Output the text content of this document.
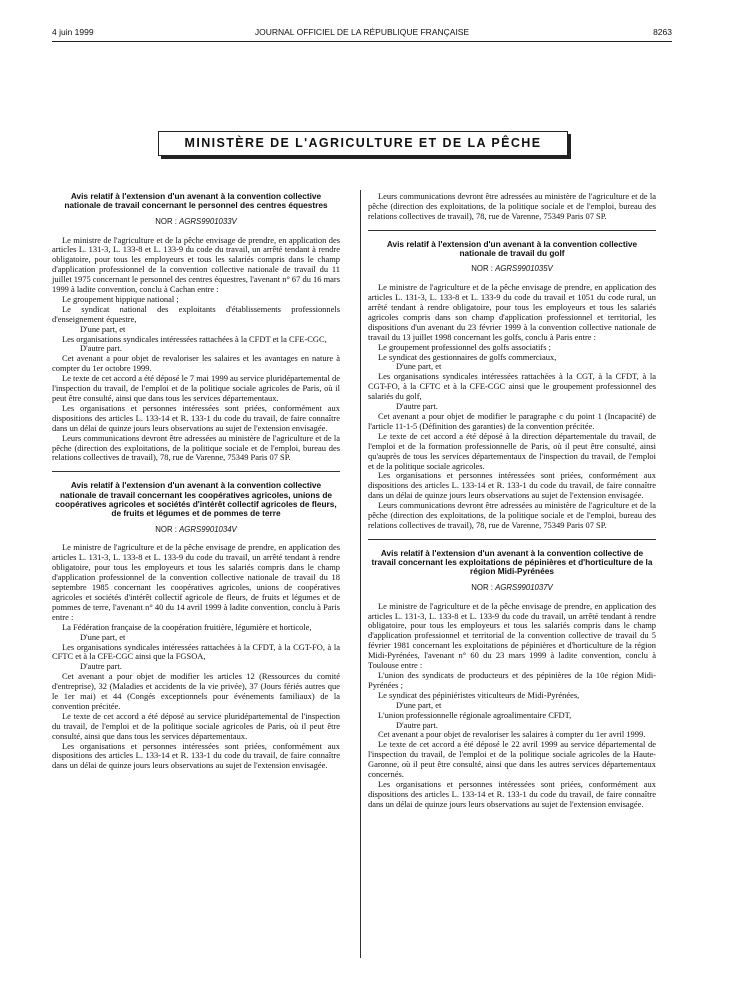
4 juin 1999	JOURNAL OFFICIEL DE LA RÉPUBLIQUE FRANÇAISE	8263
MINISTÈRE DE L'AGRICULTURE ET DE LA PÊCHE
Avis relatif à l'extension d'un avenant à la convention collective nationale de travail concernant le personnel des centres équestres
NOR : AGRS9901033V

Le ministre de l'agriculture et de la pêche envisage de prendre, en application des articles L. 131-3, L. 133-8 et L. 133-9 du code du travail, un arrêté tendant à rendre obligatoire, pour tous les employeurs et tous les salariés compris dans le champ d'application professionnel de la convention collective nationale de travail du 11 juillet 1975 concernant le personnel des centres équestres, l'avenant n° 67 du 16 mars 1999 à ladite convention, conclu à Cachan entre :

Le groupement hippique national ;

Le syndicat national des exploitants d'établissements professionnels d'enseignement équestre,

D'une part, et

Les organisations syndicales intéressées rattachées à la CFDT et la CFE-CGC,

D'autre part.

Cet avenant a pour objet de revaloriser les salaires et les avantages en nature à compter du 1er octobre 1999.

Le texte de cet accord a été déposé le 7 mai 1999 au service pluridépartemental de l'inspection du travail, de l'emploi et de la politique sociale agricoles de Paris, où il peut être consulté, ainsi que dans tous les services départementaux.

Les organisations et personnes intéressées sont priées, conformément aux dispositions des articles L. 133-14 et R. 133-1 du code du travail, de faire connaître dans un délai de quinze jours leurs observations au sujet de l'extension envisagée.

Leurs communications devront être adressées au ministère de l'agriculture et de la pêche (direction des exploitations, de la politique sociale et de l'emploi, bureau des relations collectives de travail), 78, rue de Varenne, 75349 Paris 07 SP.

Avis relatif à l'extension d'un avenant à la convention collective nationale de travail concernant les coopératives agricoles, unions de coopératives agricoles et sociétés d'intérêt collectif agricoles de fleurs, de fruits et légumes et de pommes de terre
NOR : AGRS9901034V

Le ministre de l'agriculture et de la pêche envisage de prendre, en application des articles L. 131-3, L. 133-8 et L. 133-9 du code du travail, un arrêté tendant à rendre obligatoire, pour tous les employeurs et tous les salariés compris dans le champ d'application professionnel de la convention collective nationale de travail du 18 septembre 1985 concernant les coopératives agricoles, unions de coopératives agricoles et sociétés d'intérêt collectif agricole de fleurs, de fruits et légumes et de pommes de terre, l'avenant n° 40 du 14 avril 1999 à ladite convention, conclu à Paris entre :

La Fédération française de la coopération fruitière, légumière et horticole,

D'une part, et

Les organisations syndicales intéressées rattachées à la CFDT, à la CGT-FO, à la CFTC et à la CFE-CGC ainsi que la FGSOA,

D'autre part.

Cet avenant a pour objet de modifier les articles 12 (Ressources du comité d'entreprise), 32 (Maladies et accidents de la vie privée), 37 (Jours fériés autres que le 1er mai) et 44 (Congés exceptionnels pour événements familiaux) de la convention précitée.

Le texte de cet accord a été déposé au service pluridépartemental de l'inspection du travail, de l'emploi et de la politique sociale agricoles de Paris, où il peut être consulté, ainsi que dans tous les services départementaux.

Les organisations et personnes intéressées sont priées, conformément aux dispositions des articles L. 133-14 et R. 133-1 du code du travail, de faire connaître dans un délai de quinze jours leurs observations au sujet de l'extension envisagée.

Leurs communications devront être adressées au ministère de l'agriculture et de la pêche (direction des exploitations, de la politique sociale et de l'emploi, bureau des relations collectives de travail), 78, rue de Varenne, 75349 Paris 07 SP.

Avis relatif à l'extension d'un avenant à la convention collective nationale de travail du golf
NOR : AGRS9901035V

Le ministre de l'agriculture et de la pêche envisage de prendre, en application des articles L. 131-3, L. 133-8 et L. 133-9 du code du travail et 1051 du code rural, un arrêté tendant à rendre obligatoire, pour tous les employeurs et tous les salariés agricoles compris dans son champ d'application professionnel et territorial, les dispositions d'un avenant du 23 février 1999 à la convention collective nationale de travail du 13 juillet 1998 concernant les golfs, conclu à Paris entre :

Le groupement professionnel des golfs associatifs ;

Le syndicat des gestionnaires de golfs commerciaux,

D'une part, et

Les organisations syndicales intéressées rattachées à la CGT, à la CFDT, à la CGT-FO, à la CFTC et à la CFE-CGC ainsi que le groupement professionnel des salariés du golf,

D'autre part.

Cet avenant a pour objet de modifier le paragraphe c du point 1 (Incapacité) de l'article 11-1-5 (Définition des garanties) de la convention précitée.

Le texte de cet accord a été déposé à la direction départementale du travail, de l'emploi et de la formation professionnelle de Paris, où il peut être consulté, ainsi qu'auprès de tous les services départementaux de l'inspection du travail, de l'emploi et de la politique sociale agricoles.

Les organisations et personnes intéressées sont priées, conformément aux dispositions des articles L. 133-14 et R. 133-1 du code du travail, de faire connaître dans un délai de quinze jours leurs observations au sujet de l'extension envisagée.

Leurs communications devront être adressées au ministère de l'agriculture et de la pêche (direction des exploitations, de la politique sociale et de l'emploi, bureau des relations collectives de travail), 78, rue de Varenne, 75349 Paris 07 SP.

Avis relatif à l'extension d'un avenant à la convention collective de travail concernant les exploitations de pépinières et d'horticulture de la région Midi-Pyrénées
NOR : AGRS9901037V

Le ministre de l'agriculture et de la pêche envisage de prendre, en application des articles L. 131-3, L. 133-8 et L. 133-9 du code du travail, un arrêté tendant à rendre obligatoire, pour tous les employeurs et tous les salariés compris dans le champ d'application professionnel et territorial de la convention collective de travail du 5 février 1981 concernant les exploitations de pépinières et d'horticulture de la région Midi-Pyrénées, l'avenant n° 60 du 23 mars 1999 à ladite convention, conclu à Toulouse entre :

L'union des syndicats de producteurs et des pépinières de la 10e région Midi-Pyrénées ;

Le syndicat des pépiniéristes viticulteurs de Midi-Pyrénées,

D'une part, et

L'union professionnelle régionale agroalimentaire CFDT,

D'autre part.

Cet avenant a pour objet de revaloriser les salaires à compter du 1er avril 1999.

Le texte de cet accord a été déposé le 22 avril 1999 au service départemental de l'inspection du travail, de l'emploi et de la politique sociale agricoles de la Haute-Garonne, où il peut être consulté, ainsi que dans les autres services départementaux concernés.

Les organisations et personnes intéressées sont priées, conformément aux dispositions des articles L. 133-14 et R. 133-1 du code du travail, de faire connaître dans un délai de quinze jours leurs observations au sujet de l'extension envisagée.
